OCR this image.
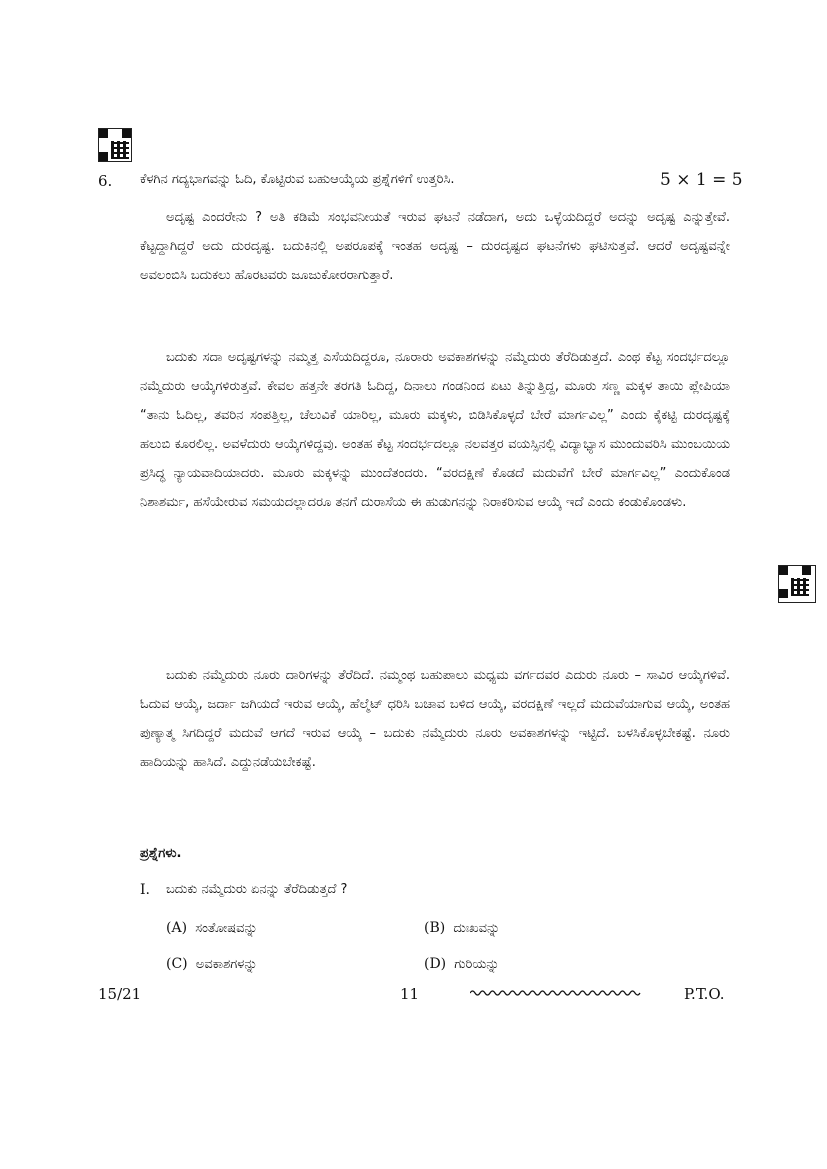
6. ಕೆಳಗಿನ ಗದ್ಯಭಾಗವನ್ನು ಓದಿ, ಕೊಟ್ಟಿರುವ ಬಹುಆಯ್ಕೆಯ ಪ್ರಶ್ನೆಗಳಿಗೆ ಉತ್ತರಿಸಿ.	5 × 1 = 5

ಅದೃಷ್ಟ ಎಂದರೇನು ? ಅತಿ ಕಡಿಮೆ ಸಂಭವನೀಯತೆ ಇರುವ ಘಟನೆ ನಡೆದಾಗ, ಅದು ಒಳ್ಳೆಯದಿದ್ದರೆ ಅದನ್ನು ಅದೃಷ್ಟ ಎನ್ನುತ್ತೇವೆ. ಕೆಟ್ಟದ್ದಾಗಿದ್ದರೆ ಅದು ದುರದೃಷ್ಟ. ಬದುಕಿನಲ್ಲಿ ಅಪರೂಪಕ್ಕೆ ಇಂತಹ ಅದೃಷ್ಟ – ದುರದೃಷ್ಟದ ಘಟನೆಗಳು ಘಟಿಸುತ್ತವೆ. ಆದರೆ ಅದೃಷ್ಟವನ್ನೇ ಅವಲಂಬಿಸಿ ಬದುಕಲು ಹೊರಟವರು ಜೂಜುಕೋರರಾಗುತ್ತಾರೆ.

ಬದುಕು ಸದಾ ಅದೃಷ್ಟಗಳನ್ನು ನಮ್ಮತ್ತ ಎಸೆಯದಿದ್ದರೂ, ನೂರಾರು ಅವಕಾಶಗಳನ್ನು ನಮ್ಮೆದುರು ತೆರೆದಿಡುತ್ತದೆ. ಎಂಥ ಕೆಟ್ಟ ಸಂದರ್ಭದಲ್ಲೂ ನಮ್ಮೆದುರು ಆಯ್ಕೆಗಳಿರುತ್ತವೆ. ಕೇವಲ ಹತ್ತನೇ ತರಗತಿ ಓದಿದ್ದ, ದಿನಾಲು ಗಂಡನಿಂದ ಏಟು ತಿನ್ನುತ್ತಿದ್ದ, ಮೂರು ಸಣ್ಣ ಮಕ್ಕಳ ತಾಯಿ ಪ್ಲೇಪಿಯಾ “ತಾನು ಓದಿಲ್ಲ, ತವರಿನ ಸಂಪತ್ತಿಲ್ಲ, ಚೆಲುವಿಕೆ ಯಾರಿಲ್ಲ, ಮೂರು ಮಕ್ಕಳು, ಬಿಡಿಸಿಕೊಳ್ಳದೆ ಬೇರೆ ಮಾರ್ಗವಿಲ್ಲ” ಎಂದು ಕೈಕಟ್ಟಿ ದುರದೃಷ್ಟಕ್ಕೆ ಹಲುಬಿ ಕೂರಲಿಲ್ಲ. ಅವಳೆದುರು ಆಯ್ಕೆಗಳಿದ್ದವು. ಅಂತಹ ಕೆಟ್ಟ ಸಂದರ್ಭದಲ್ಲೂ ನಲವತ್ತರ ವಯಸ್ಸಿನಲ್ಲಿ ವಿದ್ಯಾಭ್ಯಾಸ ಮುಂದುವರಿಸಿ ಮುಂಬಯಿಯ ಪ್ರಸಿದ್ಧ ನ್ಯಾಯವಾದಿಯಾದರು. ಮೂರು ಮಕ್ಕಳನ್ನು ಮುಂದೆತಂದರು. “ವರದಕ್ಷಿಣೆ ಕೊಡದೆ ಮದುವೆಗೆ ಬೇರೆ ಮಾರ್ಗವಿಲ್ಲ” ಎಂದುಕೊಂಡ ನಿಶಾಶರ್ಮ, ಹಸೆಯೇರುವ ಸಮಯದಲ್ಲಾದರೂ ತನಗೆ ದುರಾಸೆಯ ಈ ಹುಡುಗನನ್ನು ನಿರಾಕರಿಸುವ ಆಯ್ಕೆ ಇದೆ ಎಂದು ಕಂಡುಕೊಂಡಳು.

ಬದುಕು ನಮ್ಮೆದುರು ನೂರು ದಾರಿಗಳನ್ನು ತೆರೆದಿದೆ. ನಮ್ಮಂಥ ಬಹುಪಾಲು ಮಧ್ಯಮ ವರ್ಗದವರ ಎದುರು ನೂರು – ಸಾವಿರ ಆಯ್ಕೆಗಳಿವೆ. ಓದುವ ಆಯ್ಕೆ, ಜರ್ದಾ ಜಗಿಯದೆ ಇರುವ ಆಯ್ಕೆ, ಹೆಲ್ಮೆಟ್ ಧರಿಸಿ ಬಚಾವ ಬಳಿದ ಆಯ್ಕೆ, ವರದಕ್ಷಿಣೆ ಇಲ್ಲದೆ ಮದುವೆಯಾಗುವ ಆಯ್ಕೆ, ಅಂತಹ ಪುಣ್ಯಾತ್ಮ ಸಿಗದಿದ್ದರೆ ಮದುವೆ ಆಗದೆ ಇರುವ ಆಯ್ಕೆ – ಬದುಕು ನಮ್ಮೆದುರು ನೂರು ಅವಕಾಶಗಳನ್ನು ಇಟ್ಟಿದೆ. ಬಳಸಿಕೊಳ್ಳಬೇಕಷ್ಟೆ. ನೂರು ಹಾದಿಯನ್ನು ಹಾಸಿದೆ. ಎದ್ದುನಡೆಯಬೇಕಷ್ಟೆ.

ಪ್ರಶ್ನೆಗಳು.
I. ಬದುಕು ನಮ್ಮೆದುರು ಏನನ್ನು ತೆರೆದಿಡುತ್ತದೆ ?
(A) ಸಂತೋಷವನ್ನು	(B) ದುಃಖವನ್ನು
(C) ಅವಕಾಶಗಳನ್ನು	(D) ಗುರಿಯನ್ನು
15/21	11	P.T.O.
